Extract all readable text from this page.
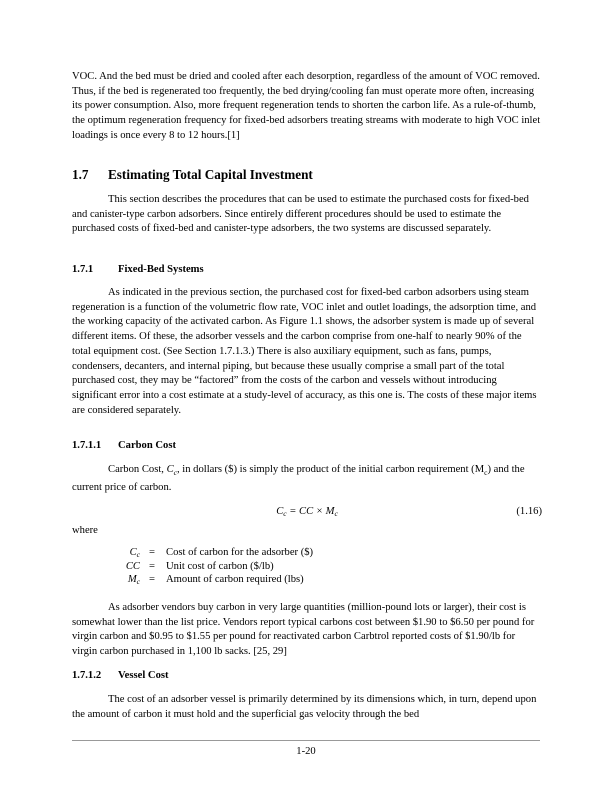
VOC. And the bed must be dried and cooled after each desorption, regardless of the amount of VOC removed. Thus, if the bed is regenerated too frequently, the bed drying/cooling fan must operate more often, increasing its power consumption. Also, more frequent regeneration tends to shorten the carbon life. As a rule-of-thumb, the optimum regeneration frequency for fixed-bed adsorbers treating streams with moderate to high VOC inlet loadings is once every 8 to 12 hours.[1]

1.7 Estimating Total Capital Investment

This section describes the procedures that can be used to estimate the purchased costs for fixed-bed and canister-type carbon adsorbers. Since entirely different procedures should be used to estimate the purchased costs of fixed-bed and canister-type adsorbers, the two systems are discussed separately.

1.7.1 Fixed-Bed Systems

As indicated in the previous section, the purchased cost for fixed-bed carbon adsorbers using steam regeneration is a function of the volumetric flow rate, VOC inlet and outlet loadings, the adsorption time, and the working capacity of the activated carbon. As Figure 1.1 shows, the adsorber system is made up of several different items. Of these, the adsorber vessels and the carbon comprise from one-half to nearly 90% of the total equipment cost. (See Section 1.7.1.3.) There is also auxiliary equipment, such as fans, pumps, condensers, decanters, and internal piping, but because these usually comprise a small part of the total purchased cost, they may be “factored” from the costs of the carbon and vessels without introducing significant error into a cost estimate at a study-level of accuracy, as this one is. The costs of these major items are considered separately.

1.7.1.1 Carbon Cost

Carbon Cost, $C_c$, in dollars ($) is simply the product of the initial carbon requirement $(M_c)$ and the current price of carbon.

$C_c$ = CC × $M_c$	(1.16)

where

$C_c$ = Cost of carbon for the adsorber ($)
CC = Unit cost of carbon ($/lb)
$M_c$ = Amount of carbon required (lbs)

As adsorber vendors buy carbon in very large quantities (million-pound lots or larger), their cost is somewhat lower than the list price. Vendors report typical carbons cost between $1.90 to $6.50 per pound for virgin carbon and $0.95 to $1.55 per pound for reactivated carbon Carbtrol reported costs of $1.90/lb for virgin carbon purchased in 1,100 lb sacks. [25, 29]

1.7.1.2 Vessel Cost

The cost of an adsorber vessel is primarily determined by its dimensions which, in turn, depend upon the amount of carbon it must hold and the superficial gas velocity through the bed

1-20
